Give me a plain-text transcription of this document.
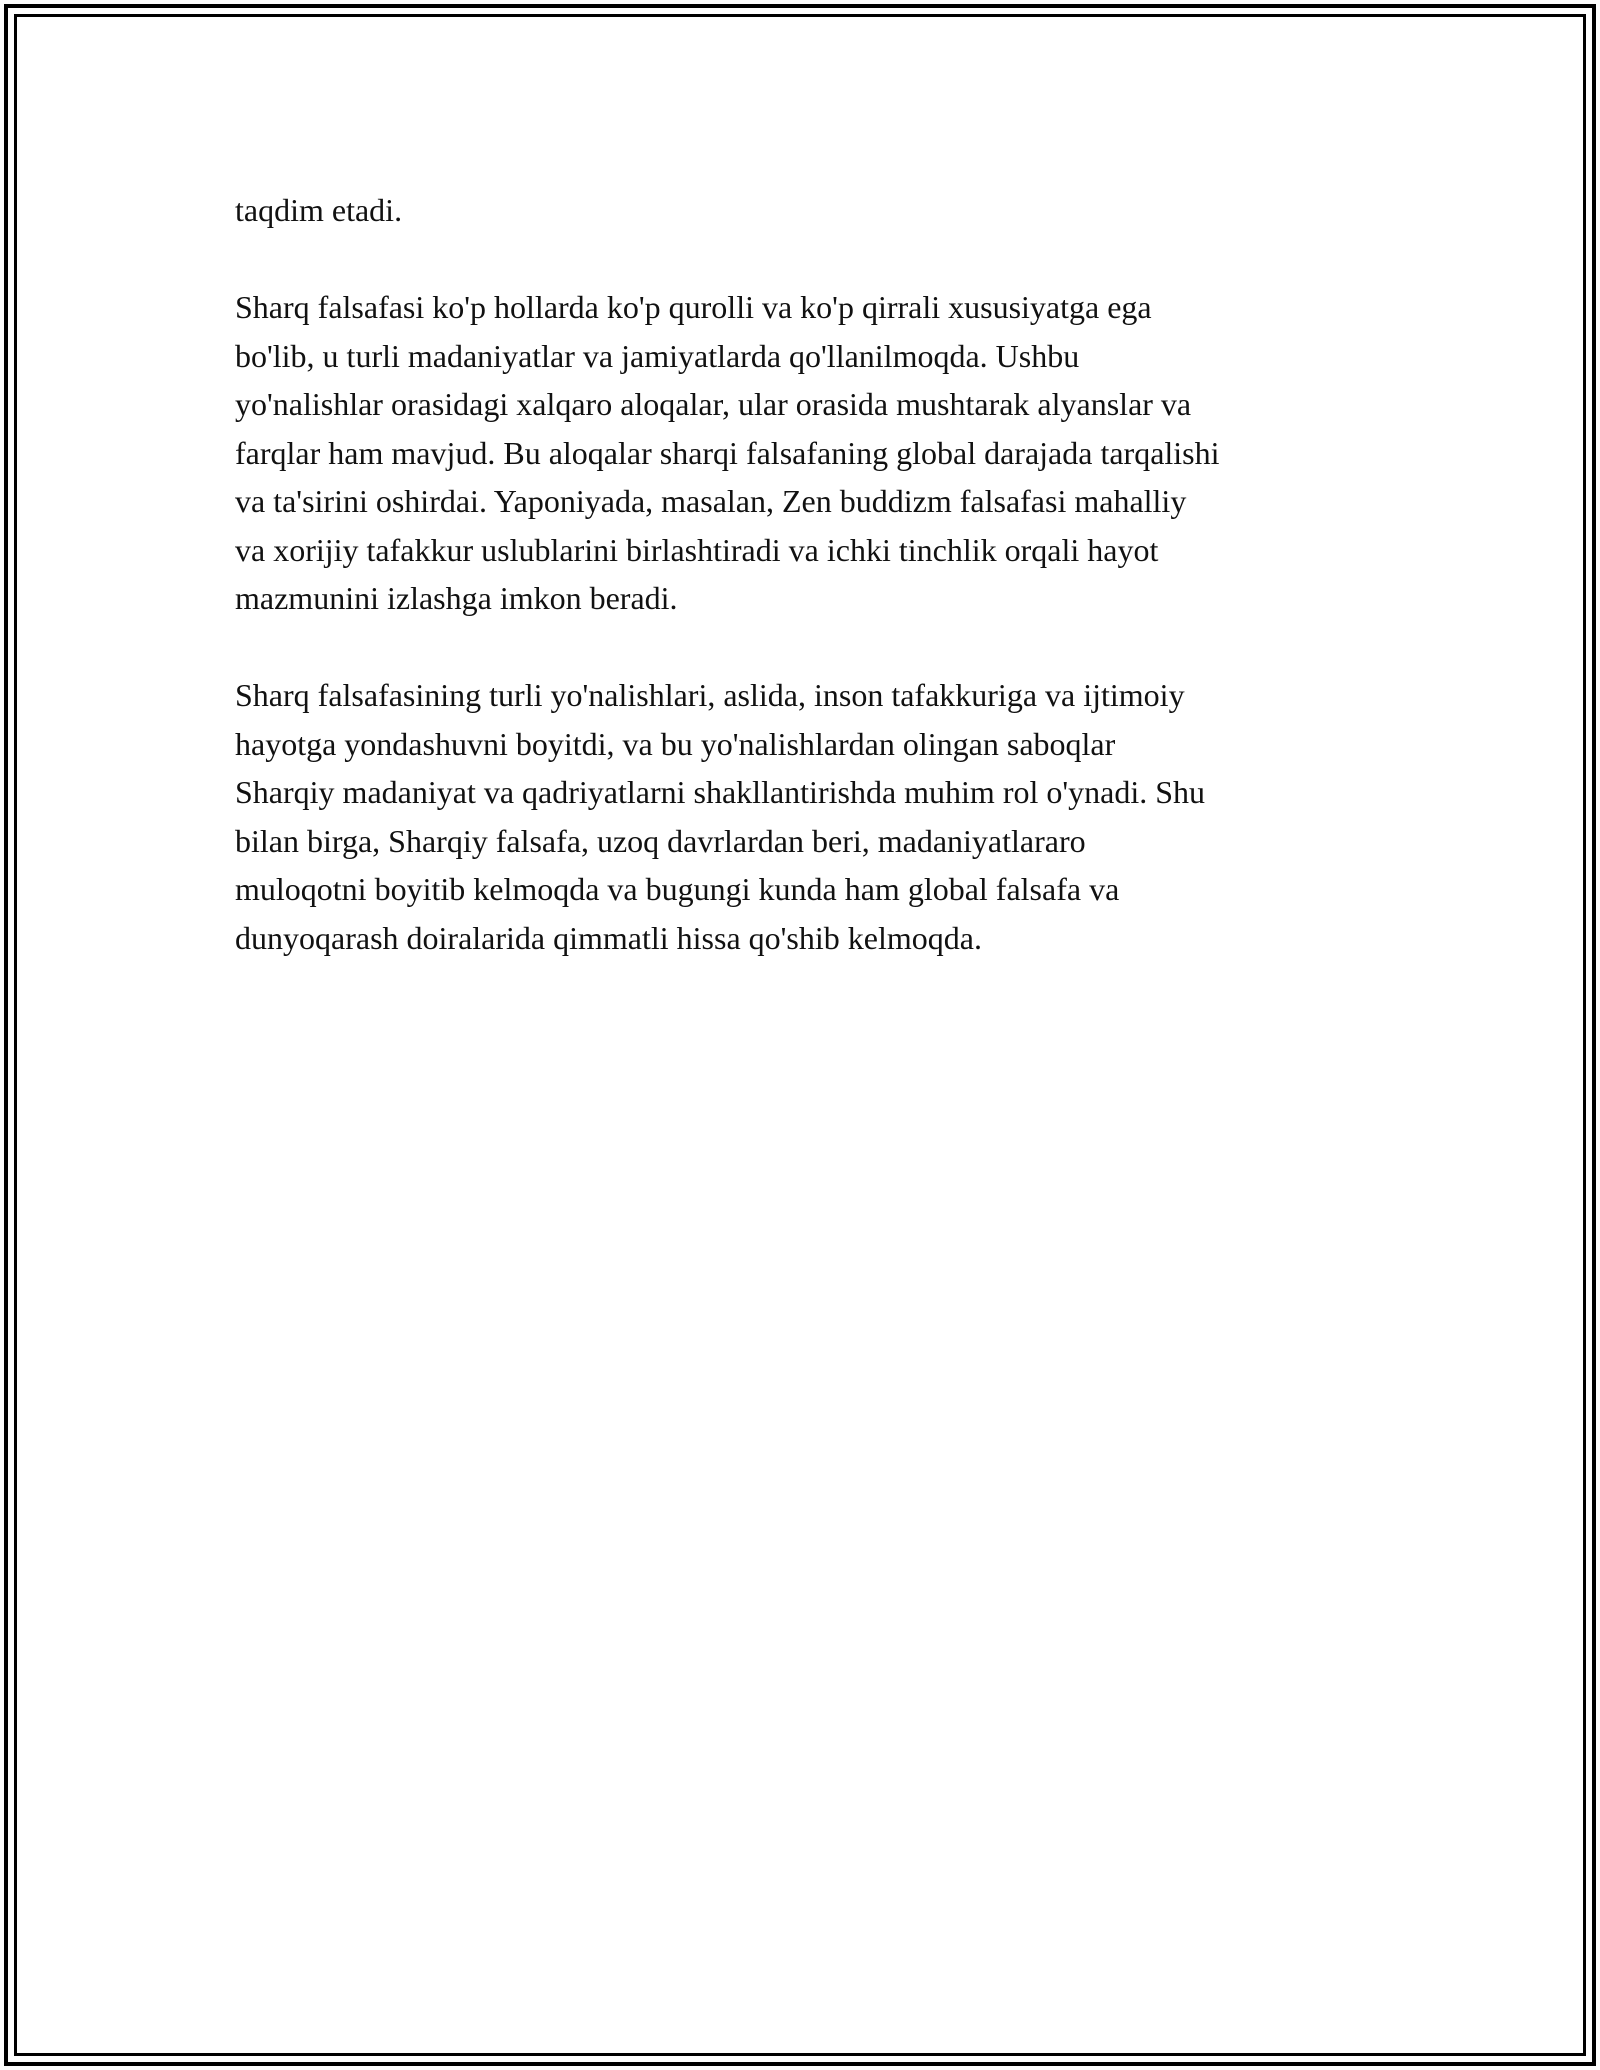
taqdim etadi.

Sharq falsafasi ko'p hollarda ko'p qurolli va ko'p qirrali xususiyatga ega
bo'lib, u turli madaniyatlar va jamiyatlarda qo'llanilmoqda. Ushbu
yo'nalishlar orasidagi xalqaro aloqalar, ular orasida mushtarak alyanslar va
farqlar ham mavjud. Bu aloqalar sharqi falsafaning global darajada tarqalishi
va ta'sirini oshirdai. Yaponiyada, masalan, Zen buddizm falsafasi mahalliy
va xorijiy tafakkur uslublarini birlashtiradi va ichki tinchlik orqali hayot
mazmunini izlashga imkon beradi.

Sharq falsafasining turli yo'nalishlari, aslida, inson tafakkuriga va ijtimoiy
hayotga yondashuvni boyitdi, va bu yo'nalishlardan olingan saboqlar
Sharqiy madaniyat va qadriyatlarni shakllantirishda muhim rol o'ynadi. Shu
bilan birga, Sharqiy falsafa, uzoq davrlardan beri, madaniyatlararo
muloqotni boyitib kelmoqda va bugungi kunda ham global falsafa va
dunyoqarash doiralarida qimmatli hissa qo'shib kelmoqda.
